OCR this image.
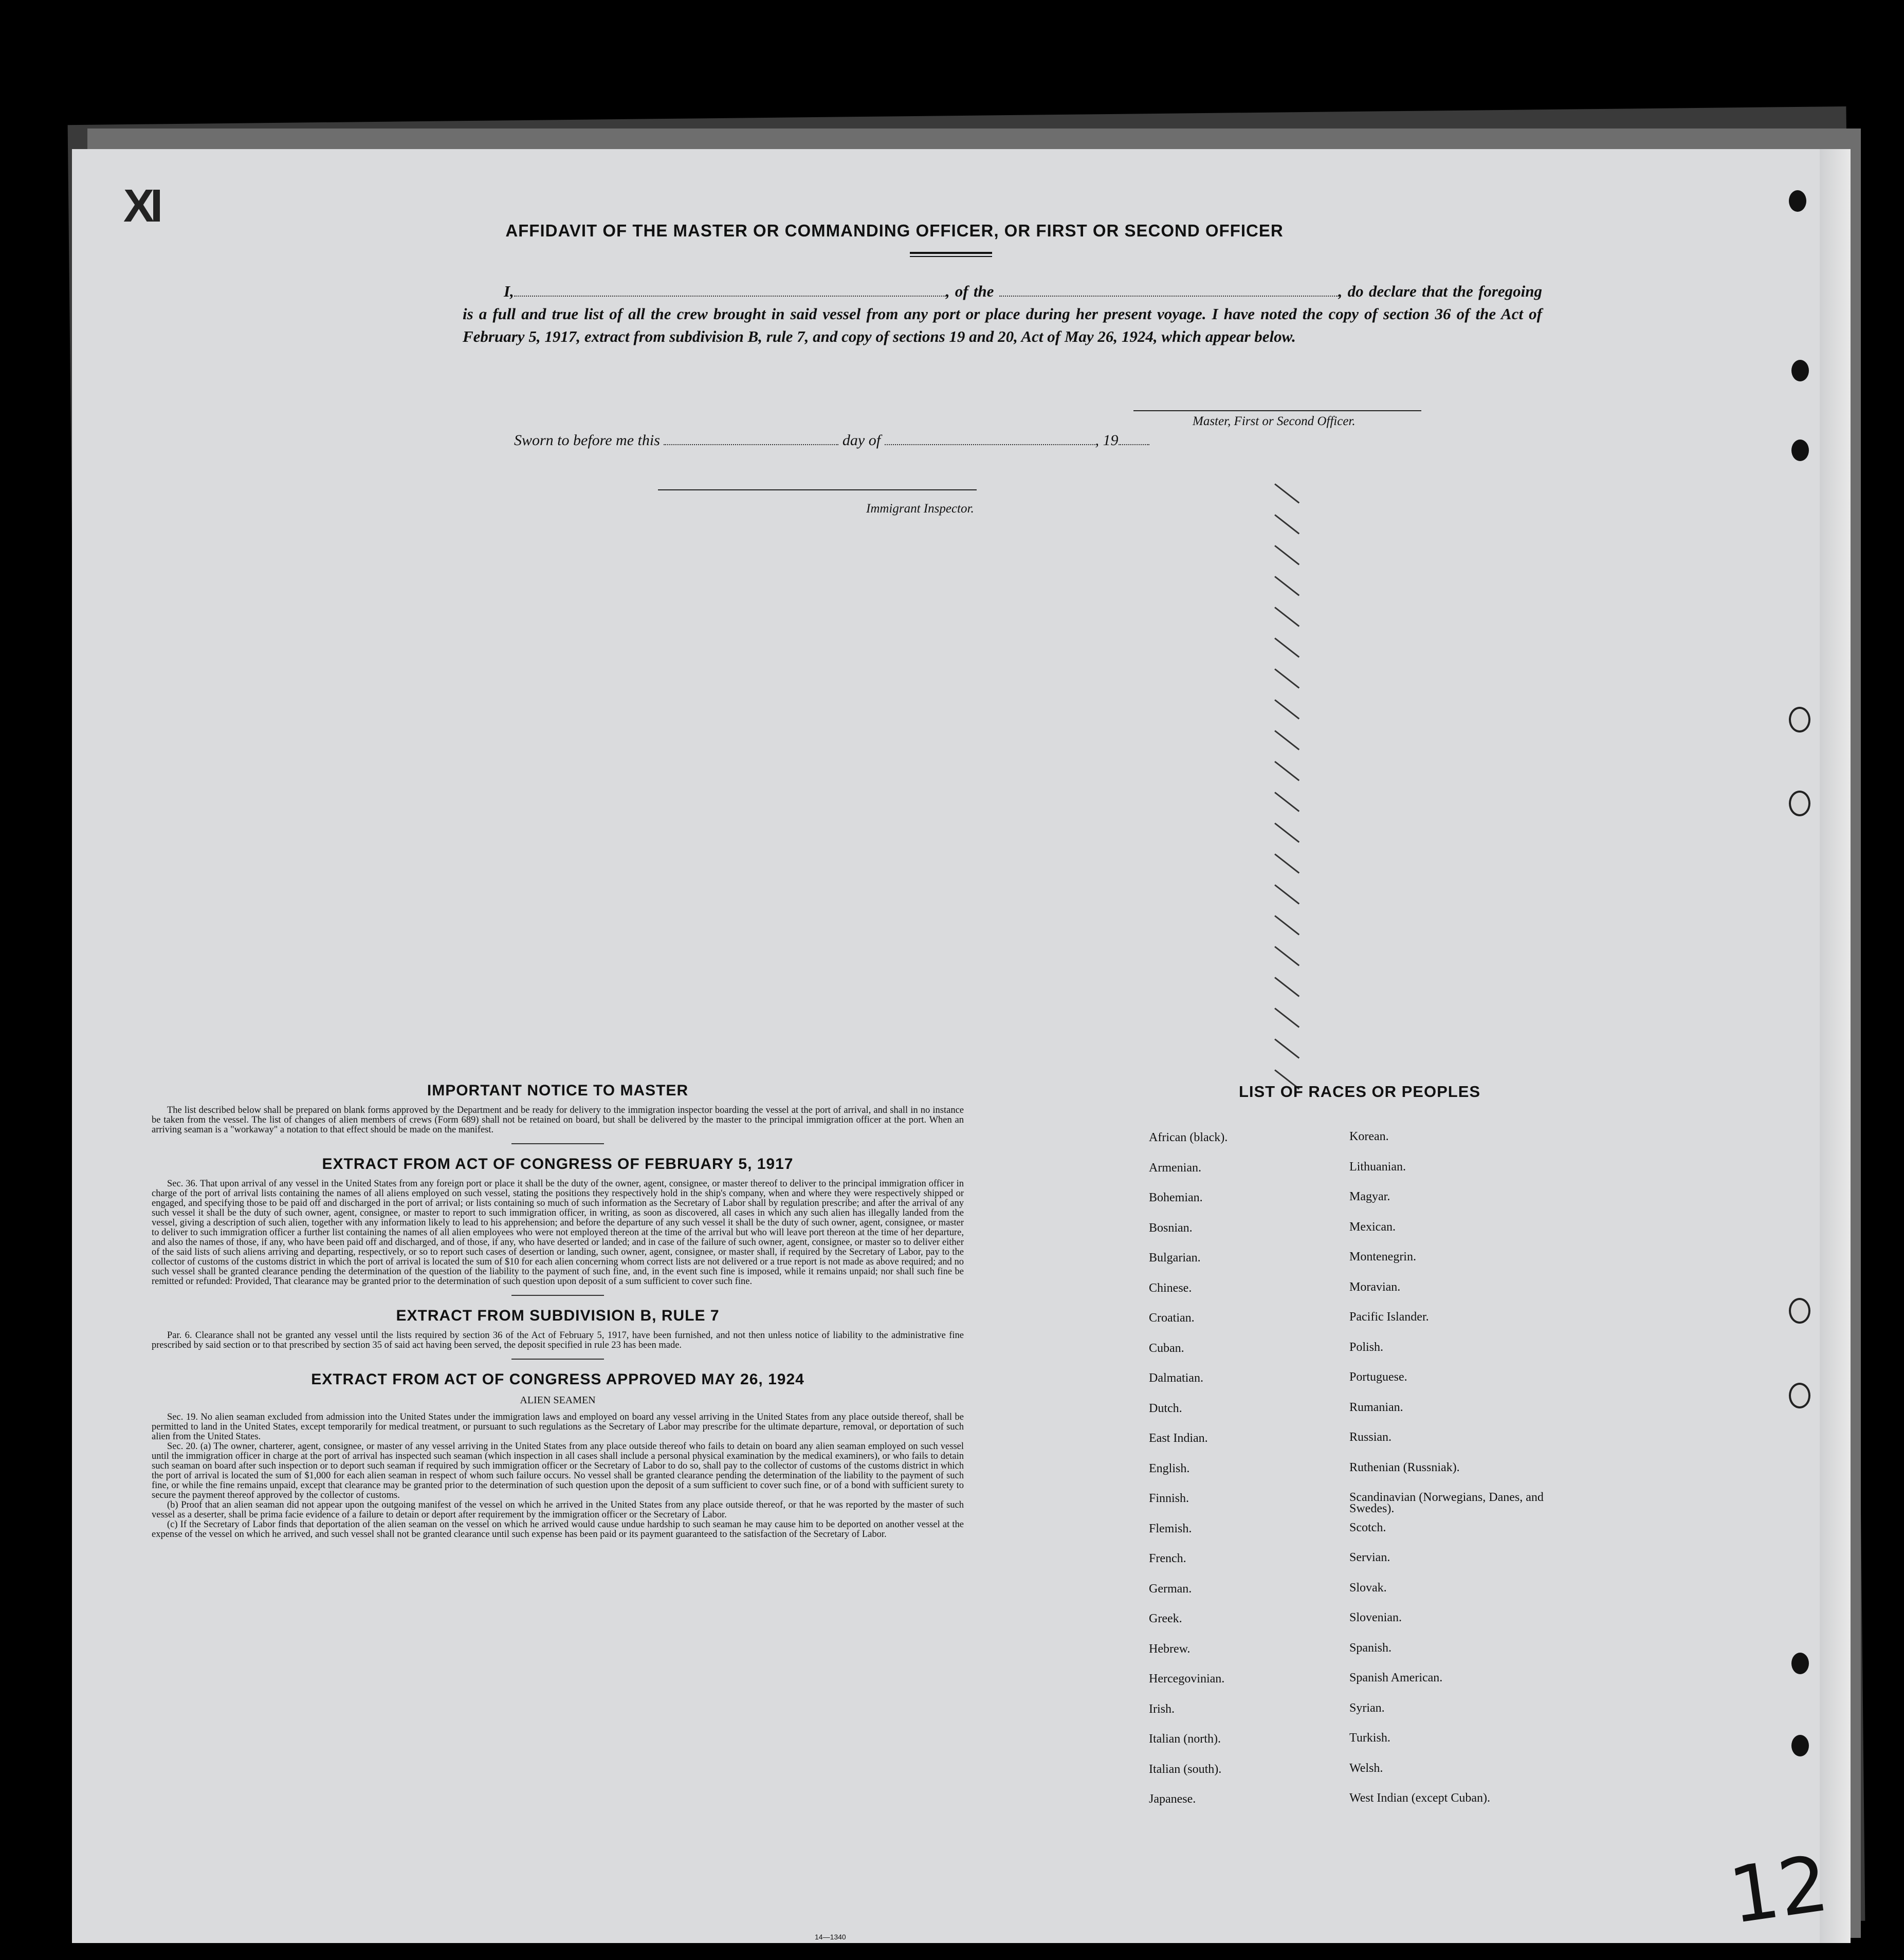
XI	AFFIDAVIT OF THE MASTER OR COMMANDING OFFICER, OR FIRST OR SECOND OFFICER
I,	, of the	, do declare that the foregoing is a full and true list of all the crew brought in said vessel from any port or place during her present voyage. I have noted the copy of section 36 of the Act of February 5, 1917, extract from subdivision B, rule 7, and copy of sections 19 and 20, Act of May 26, 1924, which appear below.
Master, First or Second Officer.
Sworn to before me this	day of	, 19
Immigrant Inspector.
IMPORTANT NOTICE TO MASTER

The list described below shall be prepared on blank forms approved by the Department and be ready for delivery to the immigration inspector boarding the vessel at the port of arrival, and shall in no instance be taken from the vessel. The list of changes of alien members of crews (Form 689) shall not be retained on board, but shall be delivered by the master to the principal immigration officer at the port. When an arriving seaman is a "workaway" a notation to that effect should be made on the manifest.

EXTRACT FROM ACT OF CONGRESS OF FEBRUARY 5, 1917

Sec. 36. That upon arrival of any vessel in the United States from any foreign port or place it shall be the duty of the owner, agent, consignee, or master thereof to deliver to the principal immigration officer in charge of the port of arrival lists containing the names of all aliens employed on such vessel, stating the positions they respectively hold in the ship's company, when and where they were respectively shipped or engaged, and specifying those to be paid off and discharged in the port of arrival; or lists containing so much of such information as the Secretary of Labor shall by regulation prescribe; and after the arrival of any such vessel it shall be the duty of such owner, agent, consignee, or master to report to such immigration officer, in writing, as soon as discovered, all cases in which any such alien has illegally landed from the vessel, giving a description of such alien, together with any information likely to lead to his apprehension; and before the departure of any such vessel it shall be the duty of such owner, agent, consignee, or master to deliver to such immigration officer a further list containing the names of all alien employees who were not employed thereon at the time of the arrival but who will leave port thereon at the time of her departure, and also the names of those, if any, who have been paid off and discharged, and of those, if any, who have deserted or landed; and in case of the failure of such owner, agent, consignee, or master so to deliver either of the said lists of such aliens arriving and departing, respectively, or so to report such cases of desertion or landing, such owner, agent, consignee, or master shall, if required by the Secretary of Labor, pay to the collector of customs of the customs district in which the port of arrival is located the sum of $10 for each alien concerning whom correct lists are not delivered or a true report is not made as above required; and no such vessel shall be granted clearance pending the determination of the question of the liability to the payment of such fine, and, in the event such fine is imposed, while it remains unpaid; nor shall such fine be remitted or refunded: Provided, That clearance may be granted prior to the determination of such question upon deposit of a sum sufficient to cover such fine.

EXTRACT FROM SUBDIVISION B, RULE 7

Par. 6. Clearance shall not be granted any vessel until the lists required by section 36 of the Act of February 5, 1917, have been furnished, and not then unless notice of liability to the administrative fine prescribed by said section or to that prescribed by section 35 of said act having been served, the deposit specified in rule 23 has been made.

EXTRACT FROM ACT OF CONGRESS APPROVED MAY 26, 1924
ALIEN SEAMEN

Sec. 19. No alien seaman excluded from admission into the United States under the immigration laws and employed on board any vessel arriving in the United States from any place outside thereof, shall be permitted to land in the United States, except temporarily for medical treatment, or pursuant to such regulations as the Secretary of Labor may prescribe for the ultimate departure, removal, or deportation of such alien from the United States.

Sec. 20. (a) The owner, charterer, agent, consignee, or master of any vessel arriving in the United States from any place outside thereof who fails to detain on board any alien seaman employed on such vessel until the immigration officer in charge at the port of arrival has inspected such seaman (which inspection in all cases shall include a personal physical examination by the medical examiners), or who fails to detain such seaman on board after such inspection or to deport such seaman if required by such immigration officer or the Secretary of Labor to do so, shall pay to the collector of customs of the customs district in which the port of arrival is located the sum of $1,000 for each alien seaman in respect of whom such failure occurs. No vessel shall be granted clearance pending the determination of the liability to the payment of such fine, or while the fine remains unpaid, except that clearance may be granted prior to the determination of such question upon the deposit of a sum sufficient to cover such fine, or of a bond with sufficient surety to secure the payment thereof approved by the collector of customs.

(b) Proof that an alien seaman did not appear upon the outgoing manifest of the vessel on which he arrived in the United States from any place outside thereof, or that he was reported by the master of such vessel as a deserter, shall be prima facie evidence of a failure to detain or deport after requirement by the immigration officer or the Secretary of Labor.

(c) If the Secretary of Labor finds that deportation of the alien seaman on the vessel on which he arrived would cause undue hardship to such seaman he may cause him to be deported on another vessel at the expense of the vessel on which he arrived, and such vessel shall not be granted clearance until such expense has been paid or its payment guaranteed to the satisfaction of the Secretary of Labor.

14—1340
LIST OF RACES OR PEOPLES
African (black).	Korean.
Armenian.	Lithuanian.
Bohemian.	Magyar.
Bosnian.	Mexican.
Bulgarian.	Montenegrin.
Chinese.	Moravian.
Croatian.	Pacific Islander.
Cuban.	Polish.
Dalmatian.	Portuguese.
Dutch.	Rumanian.
East Indian.	Russian.
English.	Ruthenian (Russniak).
Finnish.	Scandinavian (Norwegians, Danes, and Swedes).
Flemish.	Scotch.
French.	Servian.
German.	Slovak.
Greek.	Slovenian.
Hebrew.	Spanish.
Hercegovinian.	Spanish American.
Irish.	Syrian.
Italian (north).	Turkish.
Italian (south).	Welsh.
Japanese.	West Indian (except Cuban).
12
